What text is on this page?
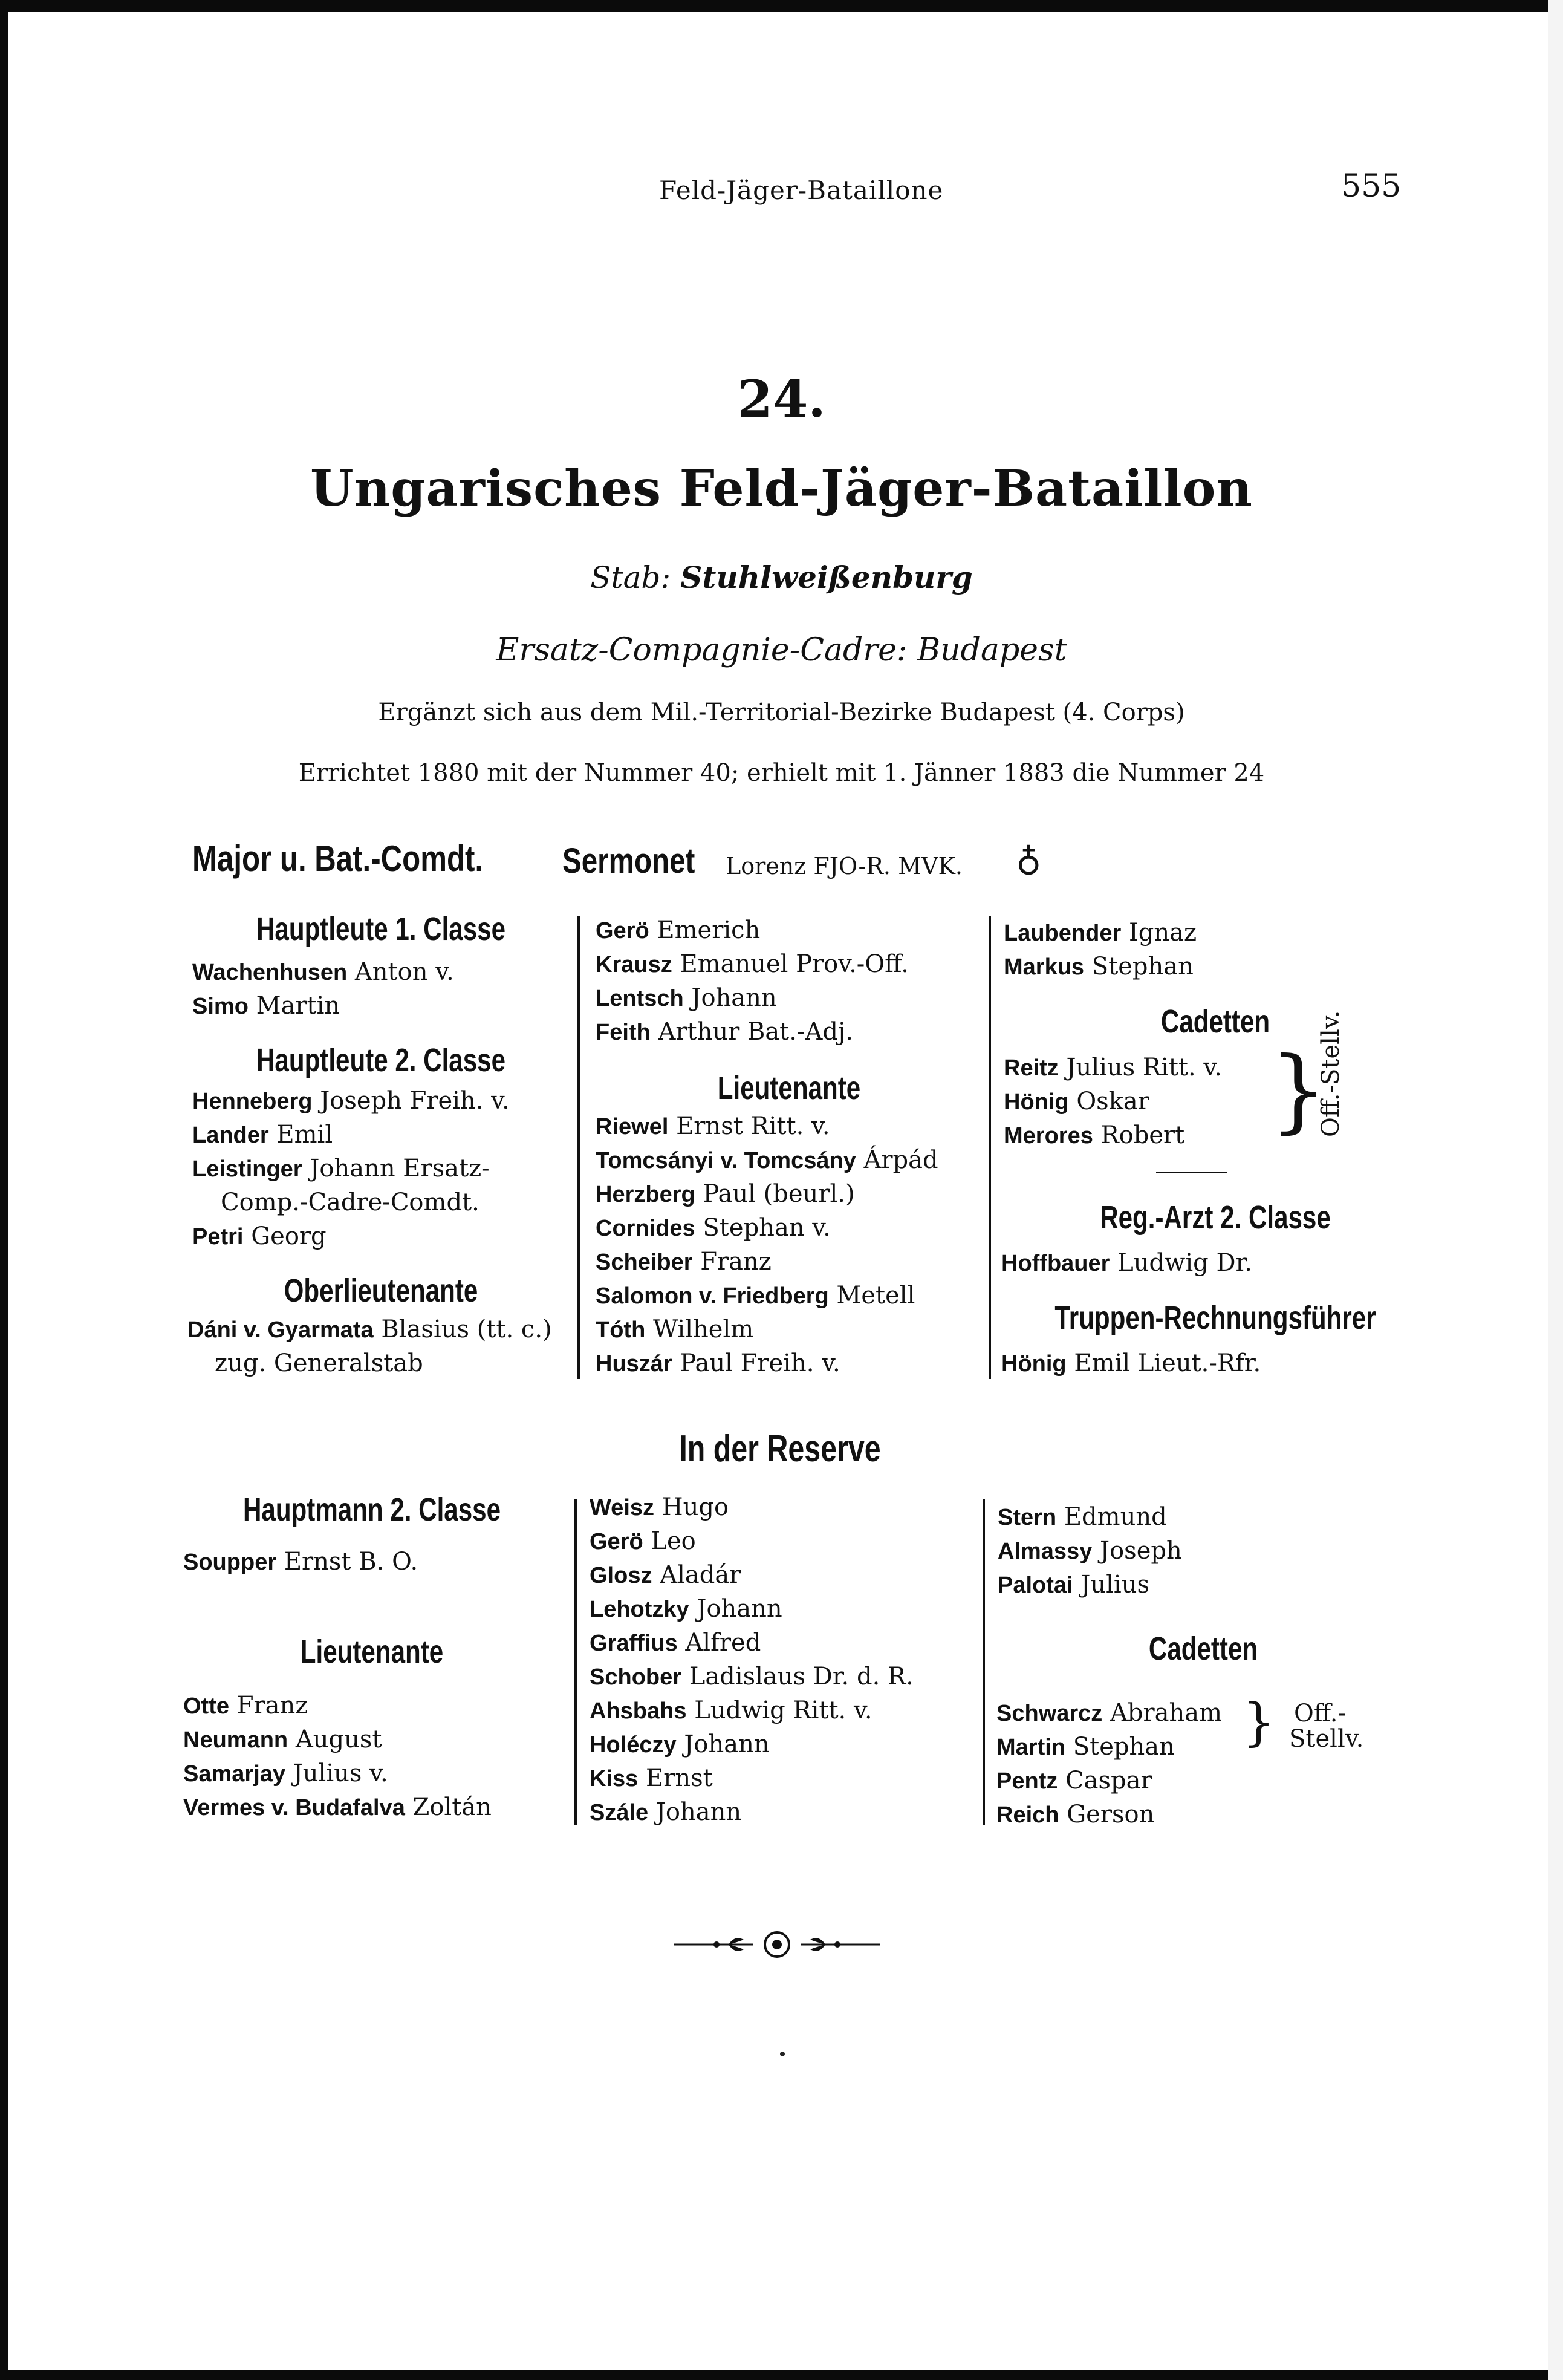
Feld-Jäger-Bataillone	555
24.
Ungarisches Feld-Jäger-Bataillon
Stab: Stuhlweißenburg
Ersatz-Compagnie-Cadre: Budapest
Ergänzt sich aus dem Mil.-Territorial-Bezirke Budapest (4. Corps)
Errichtet 1880 mit der Nummer 40; erhielt mit 1. Jänner 1883 die Nummer 24
Major u. Bat.-Comdt. Sermonet Lorenz FJO-R. MVK. ♁
Hauptleute 1. Classe
Wachenhusen Anton v.
Simo Martin
Hauptleute 2. Classe
Henneberg Joseph Freih. v.
Lander Emil
Leistinger Johann Ersatz-
Comp.-Cadre-Comdt.
Petri Georg
Oberlieutenante
Dáni v. Gyarmata Blasius (tt. c.)
zug. Generalstab
Gerö Emerich
Krausz Emanuel Prov.-Off.
Lentsch Johann
Feith Arthur Bat.-Adj.
Lieutenante
Riewel Ernst Ritt. v.
Tomcsányi v. Tomcsány Árpád
Herzberg Paul (beurl.)
Cornides Stephan v.
Scheiber Franz
Salomon v. Friedberg Metell
Tóth Wilhelm
Huszár Paul Freih. v.
Laubender Ignaz
Markus Stephan
Cadetten
Reitz Julius Ritt. v.
Hönig Oskar
Merores Robert }
Off.-Stellv.
Reg.-Arzt 2. Classe
Hoffbauer Ludwig Dr.
Truppen-Rechnungsführer
Hönig Emil Lieut.-Rfr.
In der Reserve
Hauptmann 2. Classe
Soupper Ernst B. O.
Lieutenante
Otte Franz
Neumann August
Samarjay Julius v.
Vermes v. Budafalva Zoltán
Weisz Hugo
Gerö Leo
Glosz Aladár
Lehotzky Johann
Graffius Alfred
Schober Ladislaus Dr. d. R.
Ahsbahs Ludwig Ritt. v.
Holéczy Johann
Kiss Ernst
Szále Johann
Stern Edmund
Almassy Joseph
Palotai Julius
Cadetten
Schwarcz Abraham
Martin Stephan
Pentz Caspar
Reich Gerson
} Off.-
Stellv.
